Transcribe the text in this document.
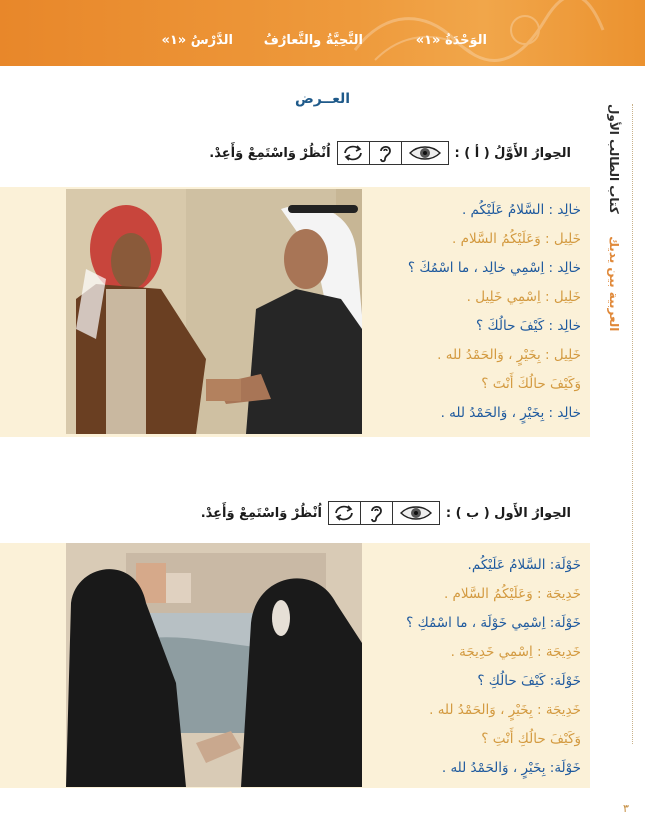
الوَحْدَةُ «١»
التَّحِيَّةُ والتَّعارُفُ
الدَّرْسُ «١»
العــرض
العربية بين يديك  كتاب الطالب الأول
الحِوارُ الأَوَّلُ ( أ ) :
اُنْظُرْ وَاسْتَمِعْ وَأَعِدْ.
خالِد : السَّلامُ عَلَيْكُم .
خَلِيل : وَعَلَيْكُمُ السَّلام .
خالِد : اِسْمِي خالِد ، ما اسْمُكَ ؟
خَلِيل : اِسْمِي خَلِيل .
خالِد : كَيْفَ حالُكَ ؟
خَلِيل : بِخَيْرٍ ، وَالحَمْدُ لله .
وَكَيْفَ حالُكَ أَنْتَ ؟
خالِد : بِخَيْرٍ ، وَالحَمْدُ لله .
الحِوارُ الأَول ( ب ) :
اُنْظُرْ وَاسْتَمِعْ وَأَعِدْ.
خَوْلَة: السَّلامُ عَلَيْكُم.
خَدِيجَة : وَعَلَيْكُمُ السَّلام .
خَوْلَة: اِسْمِي خَوْلَة ، ما اسْمُكِ ؟
خَدِيجَة : اِسْمِي خَدِيجَة .
خَوْلَة: كَيْفَ حالُكِ ؟
خَدِيجَة : بِخَيْرٍ ، وَالحَمْدُ لله .
وَكَيْفَ حالُكِ أَنْتِ ؟
خَوْلَة: بِخَيْرٍ ، وَالحَمْدُ لله .
٣
